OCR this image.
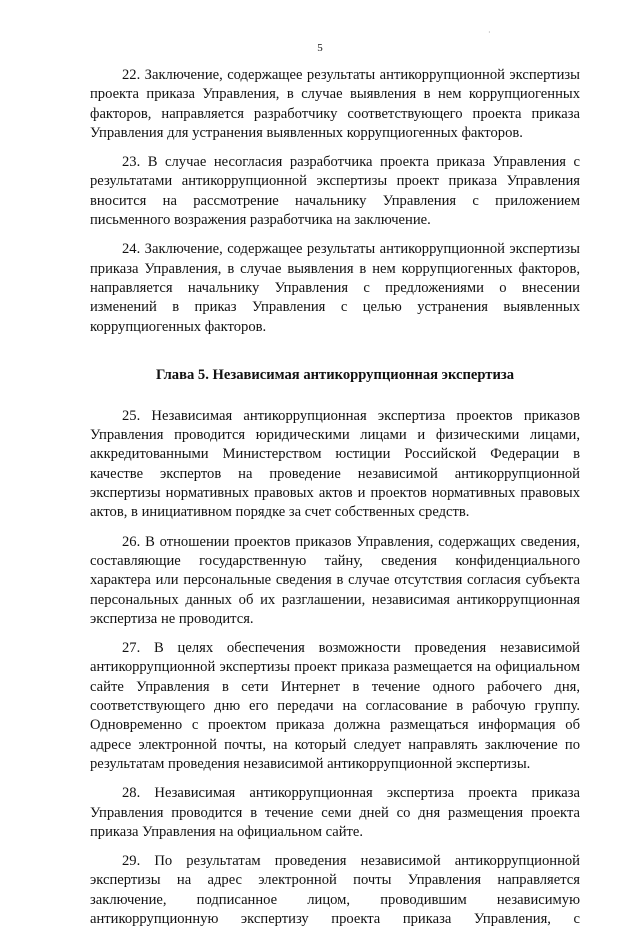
·
5

22. Заключение, содержащее результаты антикоррупционной экспертизы проекта приказа Управления, в случае выявления в нем коррупциогенных факторов, направляется разработчику соответствующего проекта приказа Управления для устранения выявленных коррупциогенных факторов.

23. В случае несогласия разработчика проекта приказа Управления с результатами антикоррупционной экспертизы проект приказа Управления вносится на рассмотрение начальнику Управления с приложением письменного возражения разработчика на заключение.

24. Заключение, содержащее результаты антикоррупционной экспертизы приказа Управления, в случае выявления в нем коррупциогенных факторов, направляется начальнику Управления с предложениями о внесении изменений в приказ Управления с целью устранения выявленных коррупциогенных факторов.

Глава 5. Независимая антикоррупционная экспертиза

25. Независимая антикоррупционная экспертиза проектов приказов Управления проводится юридическими лицами и физическими лицами, аккредитованными Министерством юстиции Российской Федерации в качестве экспертов на проведение независимой антикоррупционной экспертизы нормативных правовых актов и проектов нормативных правовых актов, в инициативном порядке за счет собственных средств.

26. В отношении проектов приказов Управления, содержащих сведения, составляющие государственную тайну, сведения конфиденциального характера или персональные сведения в случае отсутствия согласия субъекта персональных данных об их разглашении, независимая антикоррупционная экспертиза не проводится.

27. В целях обеспечения возможности проведения независимой антикоррупционной экспертизы проект приказа размещается на официальном сайте Управления в сети Интернет в течение одного рабочего дня, соответствующего дню его передачи на согласование в рабочую группу. Одновременно с проектом приказа должна размещаться информация об адресе электронной почты, на который следует направлять заключение по результатам проведения независимой антикоррупционной экспертизы.

28. Независимая антикоррупционная экспертиза проекта приказа Управления проводится в течение семи дней со дня размещения проекта приказа Управления на официальном сайте.

29. По результатам проведения независимой антикоррупционной экспертизы на адрес электронной почты Управления направляется заключение, подписанное лицом, проводившим независимую антикоррупционную экспертизу проекта приказа Управления, с
